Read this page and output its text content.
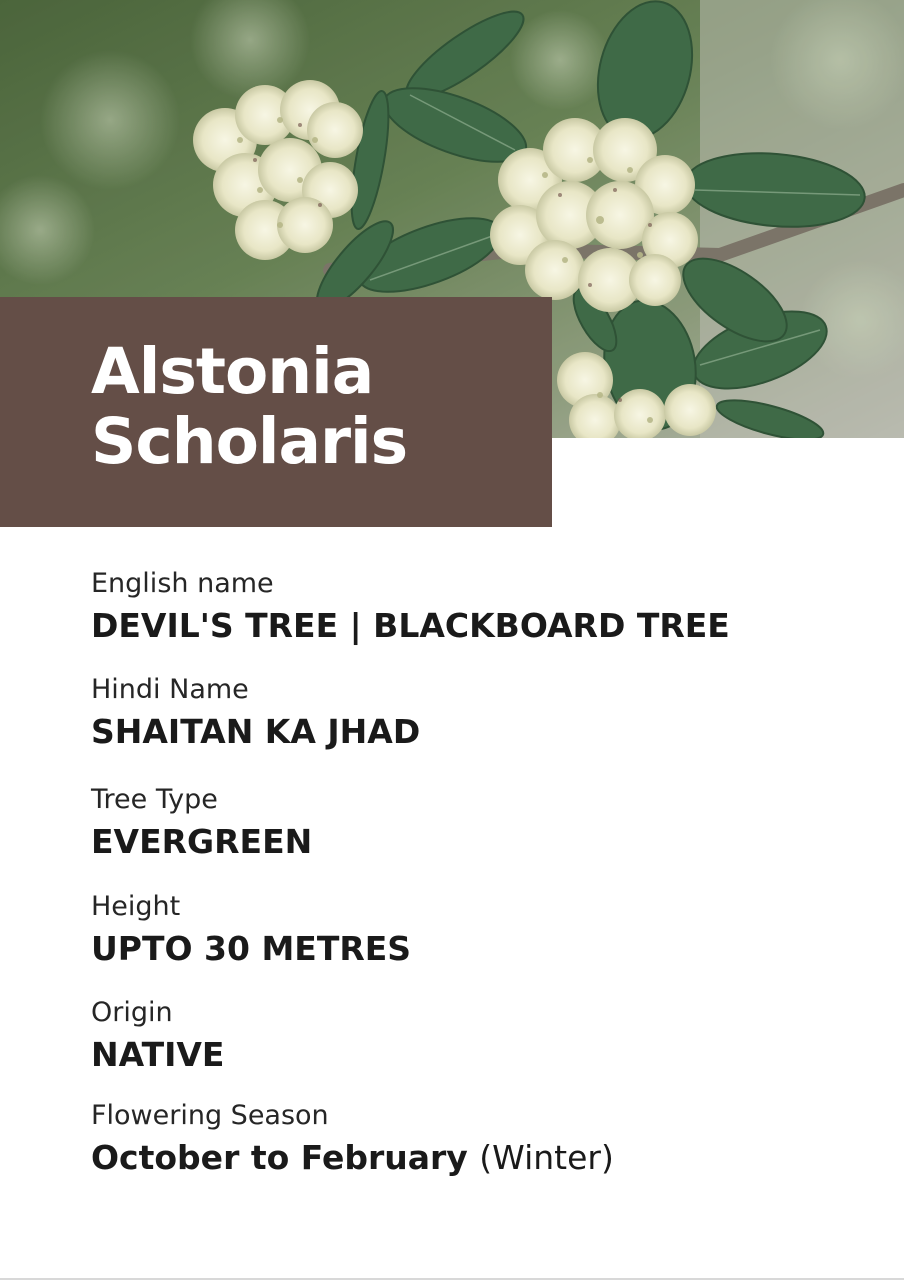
Alstonia
Scholaris
English name
DEVIL'S TREE | BLACKBOARD TREE
Hindi Name
SHAITAN KA JHAD
Tree Type
EVERGREEN
Height
UPTO 30 METRES
Origin
NATIVE
Flowering Season
October to February (Winter)
